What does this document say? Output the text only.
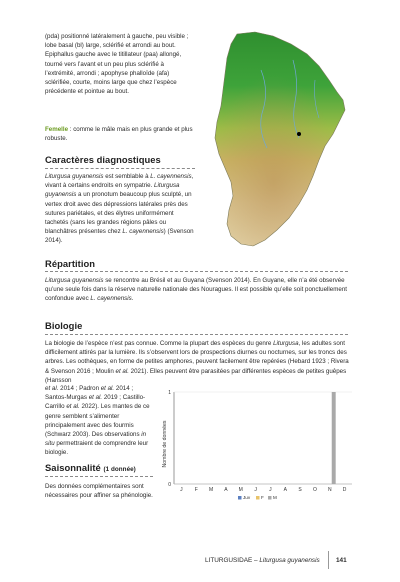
(pda) positionné latéralement à gauche, peu visible ; lobe basal (bl) large, sclérifié et arrondi au bout. Epiphallus gauche avec le titillateur (paa) allongé, tourné vers l’avant et un peu plus sclérifié à l’extrémité, arrondi ; apophyse phalloïde (afa) sclérifiée, courte, moins large que chez l’espèce précédente et pointue au bout.
Femelle : comme le mâle mais en plus grande et plus robuste.
Caractères diagnostiques
Liturgusa guyanensis est semblable à L. cayennensis, vivant à certains endroits en sympatrie. Liturgusa guyanensis a un pronotum beaucoup plus sculpté, un vertex droit avec des dépressions latérales près des sutures pariétales, et des élytres uniformément tachetés (sans les grandes régions pâles ou blanchâtres présentes chez L. cayennensis) (Svenson 2014).
Répartition
Liturgusa guyanensis se rencontre au Brésil et au Guyana (Svenson 2014). En Guyane, elle n’a été observée qu’une seule fois dans la réserve naturelle nationale des Nouragues. Il est possible qu’elle soit ponctuellement confondue avec L. cayennensis.
Biologie
La biologie de l’espèce n’est pas connue. Comme la plupart des espèces du genre Liturgusa, les adultes sont difficilement attirés par la lumière. Ils s’observent lors de prospections diurnes ou nocturnes, sur les troncs des arbres. Les oothèques, en forme de petites amphores, peuvent facilement être repérées (Hebard 1923 ; Rivera & Svenson 2016 ; Moulin et al. 2021). Elles peuvent être parasitées par différentes espèces de petites guêpes (Hansson
et al. 2014 ; Padron et al. 2014 ; Santos-Murgas et al. 2019 ; Castillo-Carrillo et al. 2022). Les mantes de ce genre semblent s’alimenter principalement avec des fourmis (Schwarz 2003). Des observations in situ permettraient de comprendre leur biologie.
Saisonnalité (1 donnée)
Des données complémentaires sont nécessaires pour affiner sa phénologie.
Nombre de données
0
1
J F M A M J J A S O N D
Juv F M
LITURGUSIDAE – Liturgusa guyanensis	141
